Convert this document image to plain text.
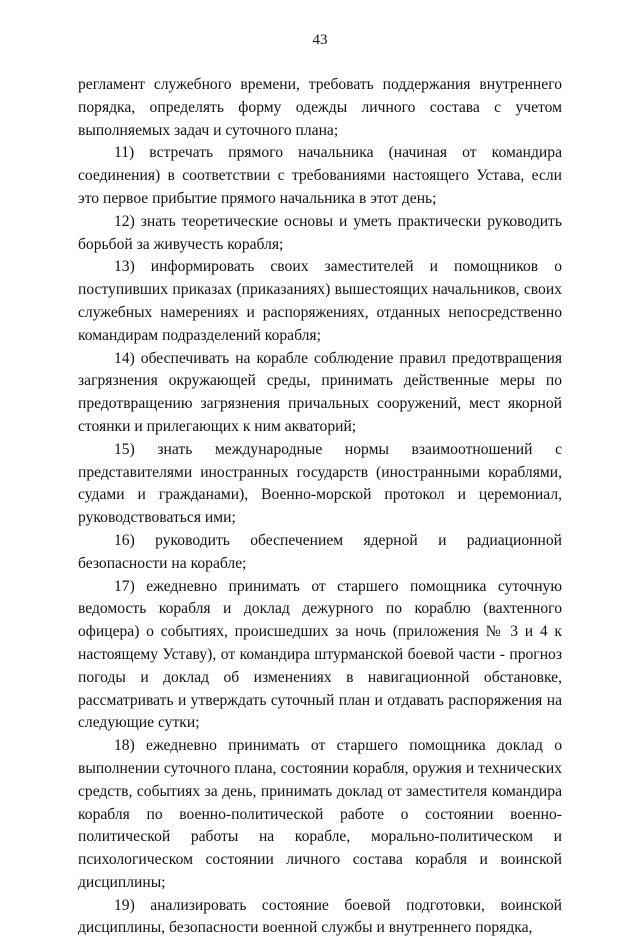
43

регламент служебного времени, требовать поддержания внутреннего порядка, определять форму одежды личного состава с учетом выполняемых задач и суточного плана;

11) встречать прямого начальника (начиная от командира соединения) в соответствии с требованиями настоящего Устава, если это первое прибытие прямого начальника в этот день;

12) знать теоретические основы и уметь практически руководить борьбой за живучесть корабля;

13) информировать своих заместителей и помощников о поступивших приказах (приказаниях) вышестоящих начальников, своих служебных намерениях и распоряжениях, отданных непосредственно командирам подразделений корабля;

14) обеспечивать на корабле соблюдение правил предотвращения загрязнения окружающей среды, принимать действенные меры по предотвращению загрязнения причальных сооружений, мест якорной стоянки и прилегающих к ним акваторий;

15) знать международные нормы взаимоотношений с представителями иностранных государств (иностранными кораблями, судами и гражданами), Военно-морской протокол и церемониал, руководствоваться ими;

16) руководить обеспечением ядерной и радиационной безопасности на корабле;

17) ежедневно принимать от старшего помощника суточную ведомость корабля и доклад дежурного по кораблю (вахтенного офицера) о событиях, происшедших за ночь (приложения № 3 и 4 к настоящему Уставу), от командира штурманской боевой части - прогноз погоды и доклад об изменениях в навигационной обстановке, рассматривать и утверждать суточный план и отдавать распоряжения на следующие сутки;

18) ежедневно принимать от старшего помощника доклад о выполнении суточного плана, состоянии корабля, оружия и технических средств, событиях за день, принимать доклад от заместителя командира корабля по военно-политической работе о состоянии военно-политической работы на корабле, морально-политическом и психологическом состоянии личного состава корабля и воинской дисциплины;

19) анализировать состояние боевой подготовки, воинской дисциплины, безопасности военной службы и внутреннего порядка,
